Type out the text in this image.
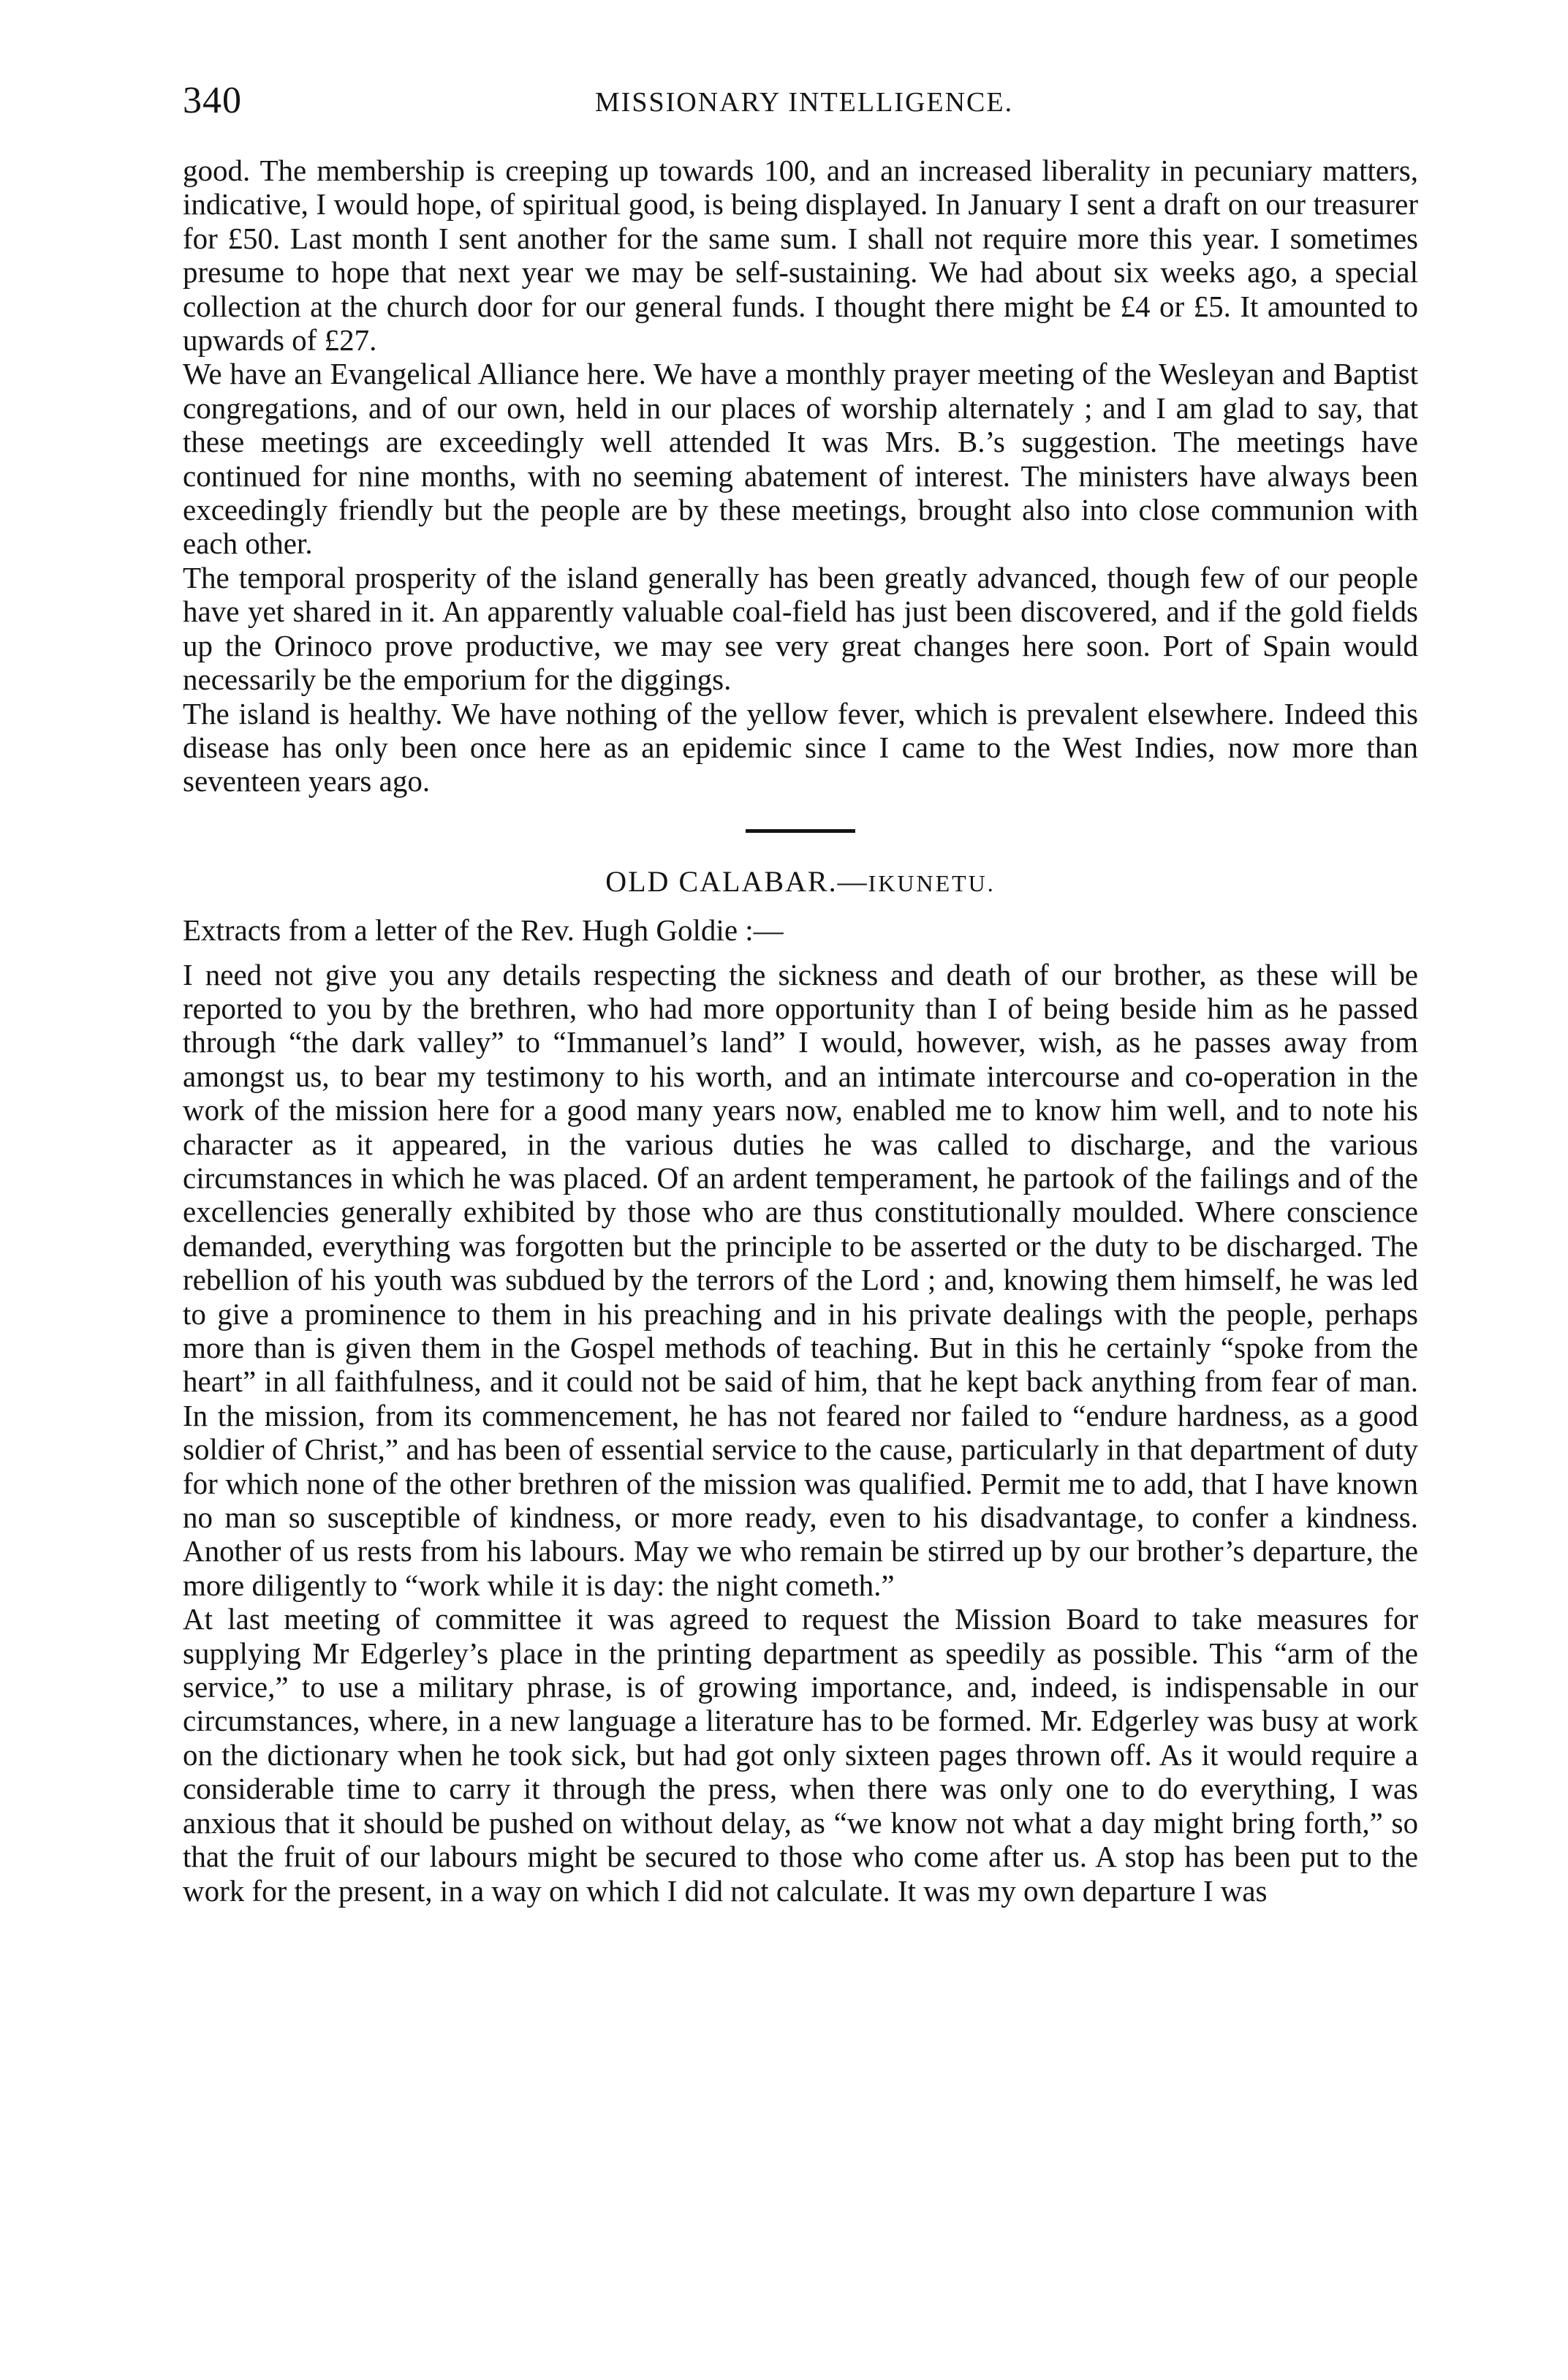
340	MISSIONARY INTELLIGENCE.

good. The membership is creeping up towards 100, and an increased liberality in pecuniary matters, indicative, I would hope, of spiritual good, is being displayed. In January I sent a draft on our treasurer for £50. Last month I sent another for the same sum. I shall not require more this year. I sometimes presume to hope that next year we may be self-sustaining. We had about six weeks ago, a special collection at the church door for our general funds. I thought there might be £4 or £5. It amounted to upwards of £27.

We have an Evangelical Alliance here. We have a monthly prayer meeting of the Wesleyan and Baptist congregations, and of our own, held in our places of worship alternately ; and I am glad to say, that these meetings are exceedingly well attended It was Mrs. B.’s suggestion. The meetings have continued for nine months, with no seeming abatement of interest. The ministers have always been exceedingly friendly but the people are by these meetings, brought also into close communion with each other.

The temporal prosperity of the island generally has been greatly advanced, though few of our people have yet shared in it. An apparently valuable coal-field has just been discovered, and if the gold fields up the Orinoco prove productive, we may see very great changes here soon. Port of Spain would necessarily be the emporium for the diggings.

The island is healthy. We have nothing of the yellow fever, which is prevalent elsewhere. Indeed this disease has only been once here as an epidemic since I came to the West Indies, now more than seventeen years ago.

OLD CALABAR.—IKUNETU.

Extracts from a letter of the Rev. Hugh Goldie :—

I need not give you any details respecting the sickness and death of our brother, as these will be reported to you by the brethren, who had more opportunity than I of being beside him as he passed through “the dark valley” to “Immanuel’s land” I would, however, wish, as he passes away from amongst us, to bear my testimony to his worth, and an intimate intercourse and co-operation in the work of the mission here for a good many years now, enabled me to know him well, and to note his character as it appeared, in the various duties he was called to discharge, and the various circumstances in which he was placed. Of an ardent temperament, he partook of the failings and of the excellencies generally exhibited by those who are thus constitutionally moulded. Where conscience demanded, everything was forgotten but the principle to be asserted or the duty to be discharged. The rebellion of his youth was subdued by the terrors of the Lord ; and, knowing them himself, he was led to give a prominence to them in his preaching and in his private dealings with the people, perhaps more than is given them in the Gospel methods of teaching. But in this he certainly “spoke from the heart” in all faithfulness, and it could not be said of him, that he kept back anything from fear of man. In the mission, from its commencement, he has not feared nor failed to “endure hardness, as a good soldier of Christ,” and has been of essential service to the cause, particularly in that department of duty for which none of the other brethren of the mission was qualified. Permit me to add, that I have known no man so susceptible of kindness, or more ready, even to his disadvantage, to confer a kindness. Another of us rests from his labours. May we who remain be stirred up by our brother’s departure, the more diligently to “work while it is day: the night cometh.”

At last meeting of committee it was agreed to request the Mission Board to take measures for supplying Mr Edgerley’s place in the printing department as speedily as possible. This “arm of the service,” to use a military phrase, is of growing importance, and, indeed, is indispensable in our circumstances, where, in a new language a literature has to be formed. Mr. Edgerley was busy at work on the dictionary when he took sick, but had got only sixteen pages thrown off. As it would require a considerable time to carry it through the press, when there was only one to do everything, I was anxious that it should be pushed on without delay, as “we know not what a day might bring forth,” so that the fruit of our labours might be secured to those who come after us. A stop has been put to the work for the present, in a way on which I did not calculate. It was my own departure I was
